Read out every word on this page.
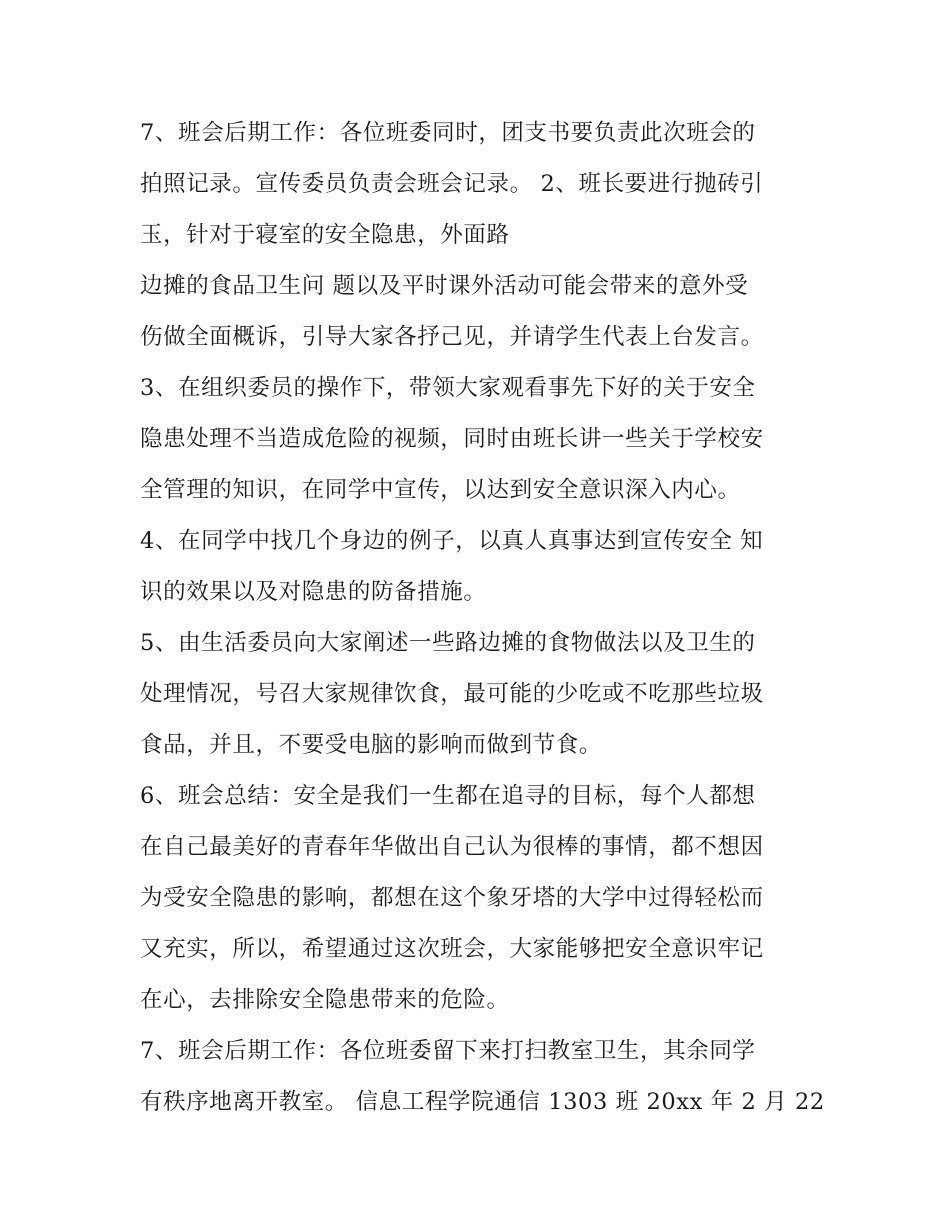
7、班会后期工作：各位班委同时，团支书要负责此次班会的
拍照记录。宣传委员负责会班会记录。 2、班长要进行抛砖引
玉，针对于寝室的安全隐患，外面路
边摊的食品卫生问 题以及平时课外活动可能会带来的意外受
伤做全面概诉，引导大家各抒己见，并请学生代表上台发言。
3、在组织委员的操作下，带领大家观看事先下好的关于安全
隐患处理不当造成危险的视频，同时由班长讲一些关于学校安
全管理的知识，在同学中宣传，以达到安全意识深入内心。
4、在同学中找几个身边的例子，以真人真事达到宣传安全 知
识的效果以及对隐患的防备措施。
5、由生活委员向大家阐述一些路边摊的食物做法以及卫生的
处理情况，号召大家规律饮食，最可能的少吃或不吃那些垃圾
食品，并且，不要受电脑的影响而做到节食。
6、班会总结：安全是我们一生都在追寻的目标，每个人都想
在自己最美好的青春年华做出自己认为很棒的事情，都不想因
为受安全隐患的影响，都想在这个象牙塔的大学中过得轻松而
又充实，所以，希望通过这次班会，大家能够把安全意识牢记
在心，去排除安全隐患带来的危险。
7、班会后期工作：各位班委留下来打扫教室卫生，其余同学
有秩序地离开教室。 信息工程学院通信 1303 班 20xx 年 2 月 22
